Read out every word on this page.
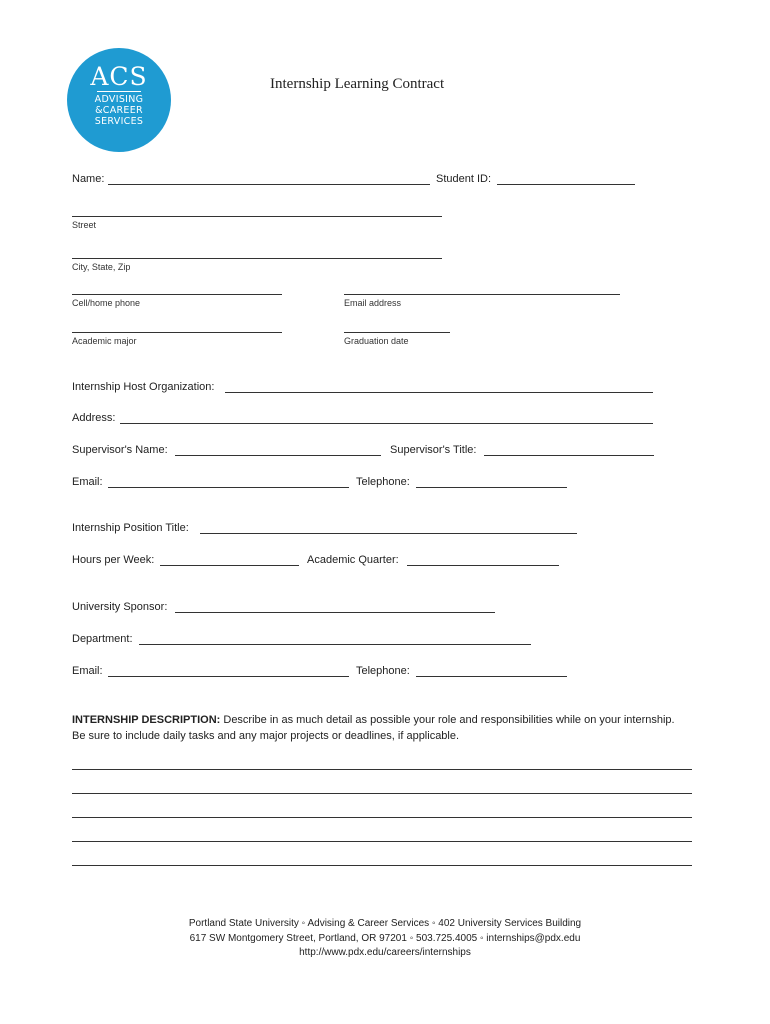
ACS
ADVISING
&CAREER
SERVICES
Internship Learning Contract
Name:	Student ID:
Street
City, State, Zip
Cell/home phone	Email address
Academic major	Graduation date
Internship Host Organization:
Address:
Supervisor's Name:	Supervisor's Title:
Email:	Telephone:
Internship Position Title:
Hours per Week:	Academic Quarter:
University Sponsor:
Department:
Email:	Telephone:
INTERNSHIP DESCRIPTION: Describe in as much detail as possible your role and responsibilities while on your internship.
Be sure to include daily tasks and any major projects or deadlines, if applicable.
Portland State University ◦ Advising & Career Services ◦ 402 University Services Building
617 SW Montgomery Street, Portland, OR 97201 ◦ 503.725.4005 ◦ internships@pdx.edu
http://www.pdx.edu/careers/internships
